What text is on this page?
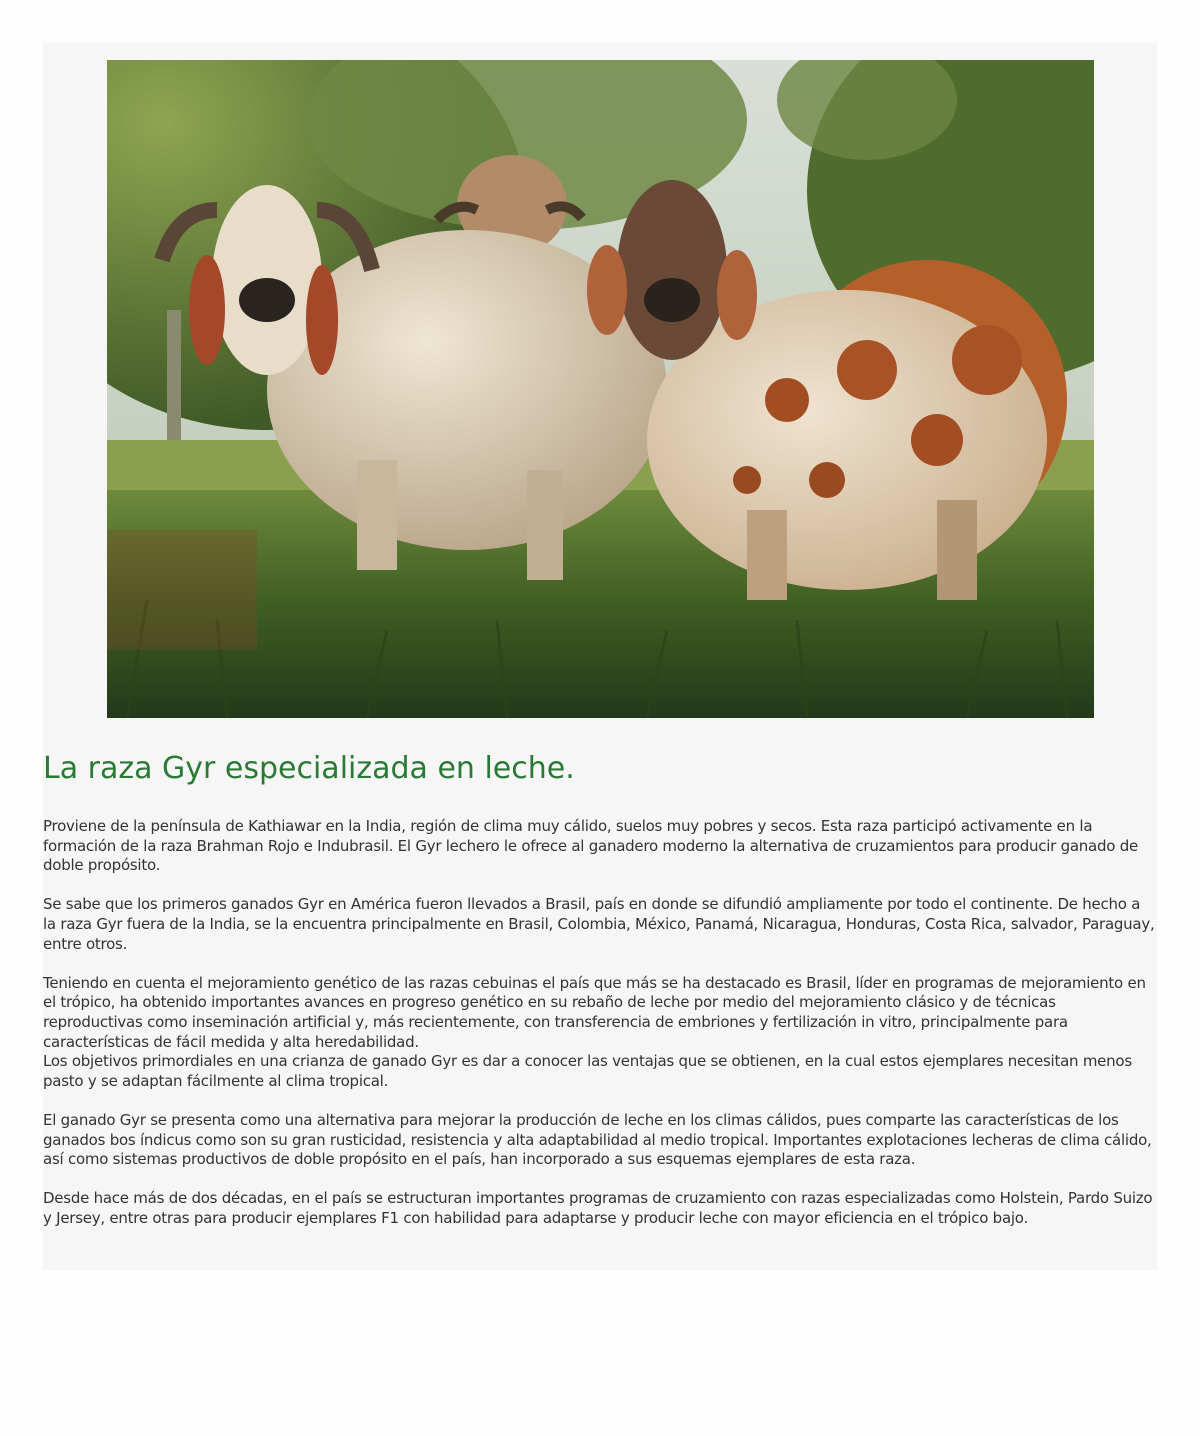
La raza Gyr especializada en leche.

Proviene de la península de Kathiawar en la India, región de clima muy cálido, suelos muy pobres y secos. Esta raza participó activamente en la formación de la raza Brahman Rojo e Indubrasil. El Gyr lechero le ofrece al ganadero moderno la alternativa de cruzamientos para producir ganado de doble propósito.

Se sabe que los primeros ganados Gyr en América fueron llevados a Brasil, país en donde se difundió ampliamente por todo el continente. De hecho a la raza Gyr fuera de la India, se la encuentra principalmente en Brasil, Colombia, México, Panamá, Nicaragua, Honduras, Costa Rica, salvador, Paraguay, entre otros.

Teniendo en cuenta el mejoramiento genético de las razas cebuinas el país que más se ha destacado es Brasil, líder en programas de mejoramiento en el trópico, ha obtenido importantes avances en progreso genético en su rebaño de leche por medio del mejoramiento clásico y de técnicas reproductivas como inseminación artificial y, más recientemente, con transferencia de embriones y fertilización in vitro, principalmente para características de fácil medida y alta heredabilidad.

Los objetivos primordiales en una crianza de ganado Gyr es dar a conocer las ventajas que se obtienen, en la cual estos ejemplares necesitan menos pasto y se adaptan fácilmente al clima tropical.

El ganado Gyr se presenta como una alternativa para mejorar la producción de leche en los climas cálidos, pues comparte las características de los ganados bos índicus como son su gran rusticidad, resistencia y alta adaptabilidad al medio tropical. Importantes explotaciones lecheras de clima cálido, así como sistemas productivos de doble propósito en el país, han incorporado a sus esquemas ejemplares de esta raza.

Desde hace más de dos décadas, en el país se estructuran importantes programas de cruzamiento con razas especializadas como Holstein, Pardo Suizo y Jersey, entre otras para producir ejemplares F1 con habilidad para adaptarse y producir leche con mayor eficiencia en el trópico bajo.
